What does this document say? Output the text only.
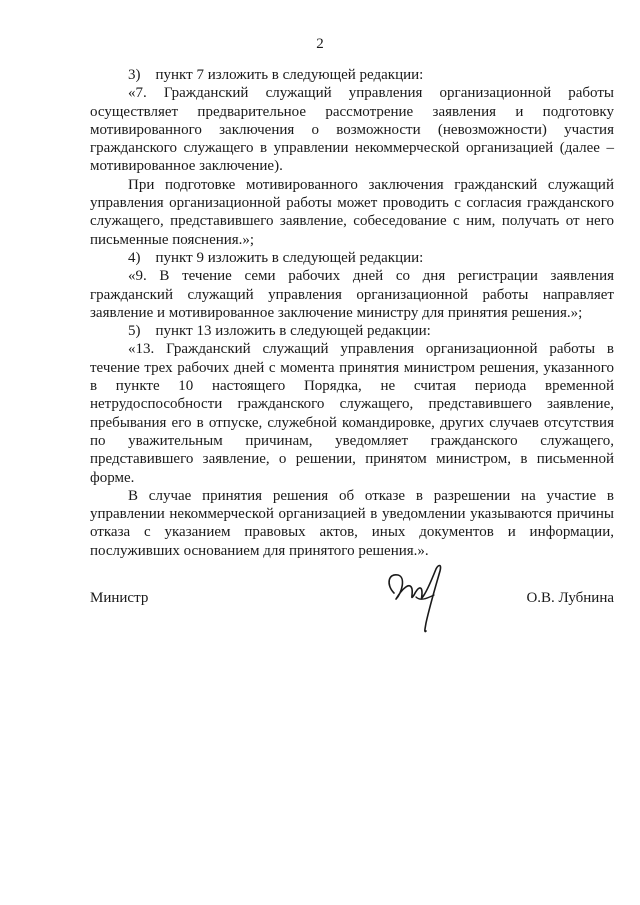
2

3) пункт 7 изложить в следующей редакции:

«7. Гражданский служащий управления организационной работы осуществляет предварительное рассмотрение заявления и подготовку мотивированного заключения о возможности (невозможности) участия гражданского служащего в управлении некоммерческой организацией (далее – мотивированное заключение).

При подготовке мотивированного заключения гражданский служащий управления организационной работы может проводить с согласия гражданского служащего, представившего заявление, собеседование с ним, получать от него письменные пояснения.»;

4) пункт 9 изложить в следующей редакции:

«9. В течение семи рабочих дней со дня регистрации заявления гражданский служащий управления организационной работы направляет заявление и мотивированное заключение министру для принятия решения.»;

5) пункт 13 изложить в следующей редакции:

«13. Гражданский служащий управления организационной работы в течение трех рабочих дней с момента принятия министром решения, указанного в пункте 10 настоящего Порядка, не считая периода временной нетрудоспособности гражданского служащего, представившего заявление, пребывания его в отпуске, служебной командировке, других случаев отсутствия по уважительным причинам, уведомляет гражданского служащего, представившего заявление, о решении, принятом министром, в письменной форме.

В случае принятия решения об отказе в разрешении на участие в управлении некоммерческой организацией в уведомлении указываются причины отказа с указанием правовых актов, иных документов и информации, послуживших основанием для принятого решения.».

Министр	О.В. Лубнина
